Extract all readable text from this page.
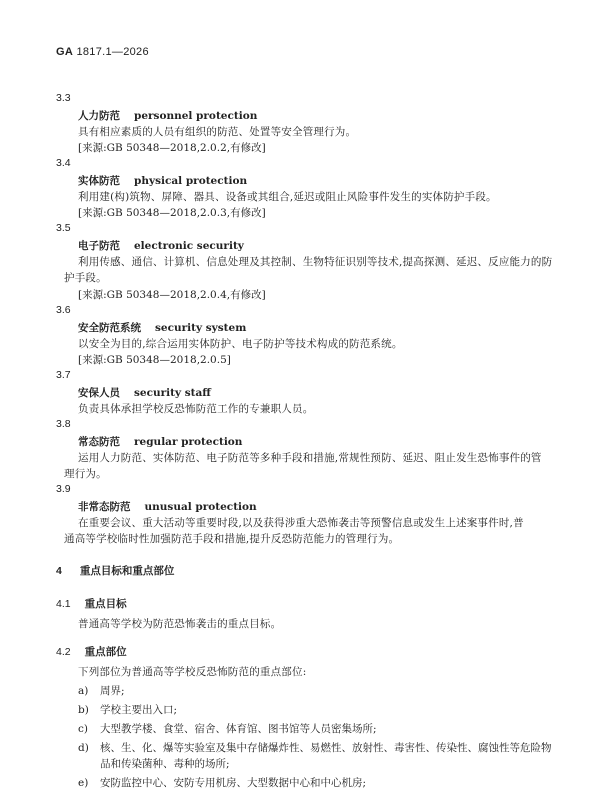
GA 1817.1—2026
3.3
人力防范 personnel protection
具有相应素质的人员有组织的防范、处置等安全管理行为。
[来源:GB 50348—2018,2.0.2,有修改]
3.4
实体防范 physical protection
利用建(构)筑物、屏障、器具、设备或其组合,延迟或阻止风险事件发生的实体防护手段。
[来源:GB 50348—2018,2.0.3,有修改]
3.5
电子防范 electronic security
利用传感、通信、计算机、信息处理及其控制、生物特征识别等技术,提高探测、延迟、反应能力的防
护手段。
[来源:GB 50348—2018,2.0.4,有修改]
3.6
安全防范系统 security system
以安全为目的,综合运用实体防护、电子防护等技术构成的防范系统。
[来源:GB 50348—2018,2.0.5]
3.7
安保人员 security staff
负责具体承担学校反恐怖防范工作的专兼职人员。
3.8
常态防范 regular protection
运用人力防范、实体防范、电子防范等多种手段和措施,常规性预防、延迟、阻止发生恐怖事件的管
理行为。
3.9
非常态防范 unusual protection
在重要会议、重大活动等重要时段,以及获得涉重大恐怖袭击等预警信息或发生上述案事件时,普
通高等学校临时性加强防范手段和措施,提升反恐防范能力的管理行为。
4 重点目标和重点部位
4.1 重点目标
普通高等学校为防范恐怖袭击的重点目标。
4.2 重点部位
下列部位为普通高等学校反恐怖防范的重点部位:
a) 周界;
b) 学校主要出入口;
c) 大型教学楼、食堂、宿舍、体育馆、图书馆等人员密集场所;
d) 核、生、化、爆等实验室及集中存储爆炸性、易燃性、放射性、毒害性、传染性、腐蚀性等危险物
品和传染菌种、毒种的场所;
e) 安防监控中心、安防专用机房、大型数据中心和中心机房;
